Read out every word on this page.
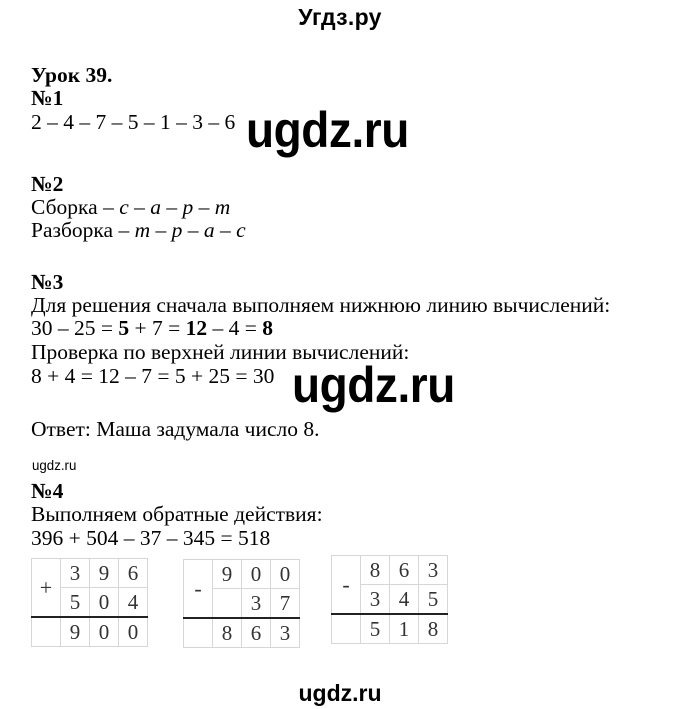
Угдз.ру
Урок 39.
№1
2 – 4 – 7 – 5 – 1 – 3 – 6 ugdz.ru
№2
Сборка – с – а – р – т
Разборка – т – р – а – с
№3
Для решения сначала выполняем нижнюю линию вычислений:
30 – 25 = 5 + 7 = 12 – 4 = 8
Проверка по верхней линии вычислений:
8 + 4 = 12 – 7 = 5 + 25 = 30 ugdz.ru
Ответ: Маша задумала число 8.
ugdz.ru
№4
Выполняем обратные действия:
396 + 504 – 37 – 345 = 518
+	3	9	6
	5	0	4
	9	0	0
-	9	0	0
		3	7
	8	6	3
-	8	6	3
	3	4	5
	5	1	8
ugdz.ru
